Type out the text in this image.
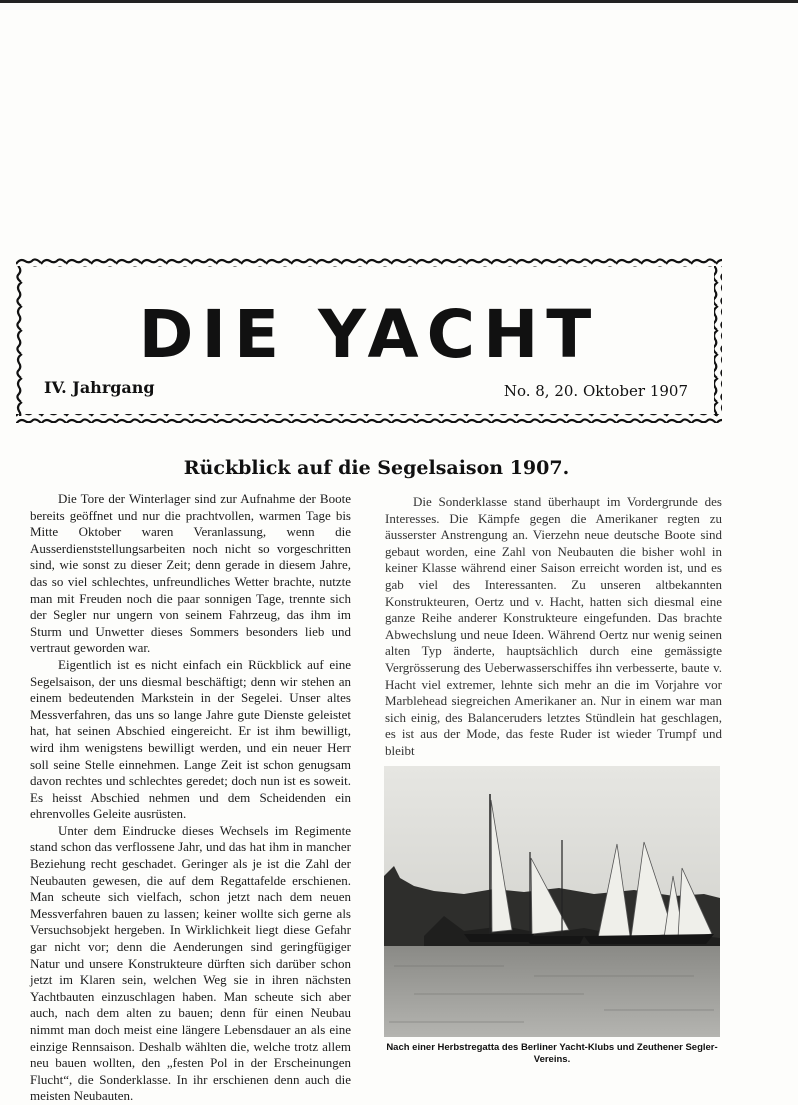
DIE YACHT
IV. Jahrgang	No. 8, 20. Oktober 1907
Rückblick auf die Segelsaison 1907.

Die Tore der Winterlager sind zur Aufnahme der Boote bereits geöffnet und nur die prachtvollen, warmen Tage bis Mitte Oktober waren Veranlassung, wenn die Ausserdienststellungsarbeiten noch nicht so vorgeschritten sind, wie sonst zu dieser Zeit; denn gerade in diesem Jahre, das so viel schlechtes, unfreundliches Wetter brachte, nutzte man mit Freuden noch die paar sonnigen Tage, trennte sich der Segler nur ungern von seinem Fahrzeug, das ihm im Sturm und Unwetter dieses Sommers besonders lieb und vertraut geworden war.

Eigentlich ist es nicht einfach ein Rückblick auf eine Segelsaison, der uns diesmal beschäftigt; denn wir stehen an einem bedeutenden Markstein in der Segelei. Unser altes Messverfahren, das uns so lange Jahre gute Dienste geleistet hat, hat seinen Abschied eingereicht. Er ist ihm bewilligt, wird ihm wenigstens bewilligt werden, und ein neuer Herr soll seine Stelle einnehmen. Lange Zeit ist schon genugsam davon rechtes und schlechtes geredet; doch nun ist es soweit. Es heisst Abschied nehmen und dem Scheidenden ein ehrenvolles Geleite ausrüsten.

Unter dem Eindrucke dieses Wechsels im Regimente stand schon das verflossene Jahr, und das hat ihm in mancher Beziehung recht geschadet. Geringer als je ist die Zahl der Neubauten gewesen, die auf dem Regattafelde erschienen. Man scheute sich vielfach, schon jetzt nach dem neuen Messverfahren bauen zu lassen; keiner wollte sich gerne als Versuchsobjekt hergeben. In Wirklichkeit liegt diese Gefahr gar nicht vor; denn die Aenderungen sind geringfügiger Natur und unsere Konstrukteure dürften sich darüber schon jetzt im Klaren sein, welchen Weg sie in ihren nächsten Yachtbauten einzuschlagen haben. Man scheute sich aber auch, nach dem alten zu bauen; denn für einen Neubau nimmt man doch meist eine längere Lebensdauer an als eine einzige Rennsaison. Deshalb wählten die, welche trotz allem neu bauen wollten, den „festen Pol in der Erscheinungen Flucht“, die Sonderklasse. In ihr erschienen denn auch die meisten Neubauten.

Die Sonderklasse stand überhaupt im Vordergrunde des Interesses. Die Kämpfe gegen die Amerikaner regten zu äusserster Anstrengung an. Vierzehn neue deutsche Boote sind gebaut worden, eine Zahl von Neubauten die bisher wohl in keiner Klasse während einer Saison erreicht worden ist, und es gab viel des Interessanten. Zu unseren altbekannten Konstrukteuren, Oertz und v. Hacht, hatten sich diesmal eine ganze Reihe anderer Konstrukteure eingefunden. Das brachte Abwechslung und neue Ideen. Während Oertz nur wenig seinen alten Typ änderte, hauptsächlich durch eine gemässigte Vergrösserung des Ueberwasserschiffes ihn verbesserte, baute v. Hacht viel extremer, lehnte sich mehr an die im Vorjahre vor Marblehead siegreichen Amerikaner an. Nur in einem war man sich einig, des Balanceruders letztes Stündlein hat geschlagen, es ist aus der Mode, das feste Ruder ist wieder Trumpf und bleibt

Nach einer Herbstregatta des Berliner Yacht-Klubs und Zeuthener Segler-Vereins.
